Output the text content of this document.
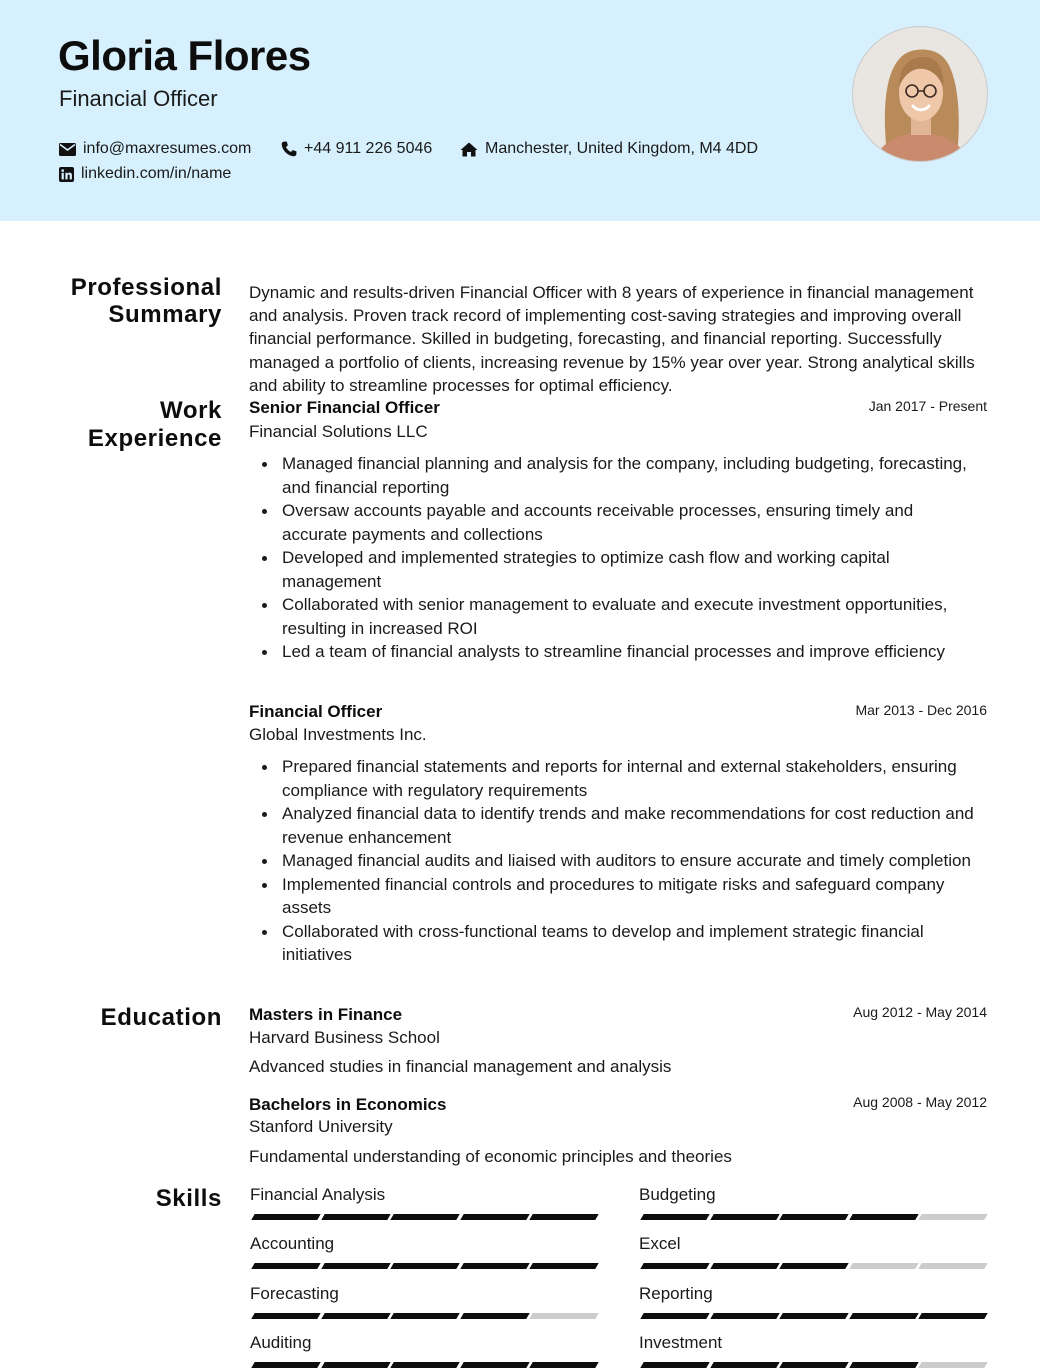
Gloria Flores
Financial Officer
info@maxresumes.com	+44 911 226 5046	Manchester, United Kingdom, M4 4DD
linkedin.com/in/name
Professional
Summary
Dynamic and results-driven Financial Officer with 8 years of experience in financial management and analysis. Proven track record of implementing cost-saving strategies and improving overall financial performance. Skilled in budgeting, forecasting, and financial reporting. Successfully managed a portfolio of clients, increasing revenue by 15% year over year. Strong analytical skills and ability to streamline processes for optimal efficiency.
Work
Experience
Senior Financial Officer	Jan 2017 - Present
Financial Solutions LLC
Managed financial planning and analysis for the company, including budgeting, forecasting, and financial reporting
Oversaw accounts payable and accounts receivable processes, ensuring timely and accurate payments and collections
Developed and implemented strategies to optimize cash flow and working capital management
Collaborated with senior management to evaluate and execute investment opportunities, resulting in increased ROI
Led a team of financial analysts to streamline financial processes and improve efficiency
Financial Officer	Mar 2013 - Dec 2016
Global Investments Inc.
Prepared financial statements and reports for internal and external stakeholders, ensuring compliance with regulatory requirements
Analyzed financial data to identify trends and make recommendations for cost reduction and revenue enhancement
Managed financial audits and liaised with auditors to ensure accurate and timely completion
Implemented financial controls and procedures to mitigate risks and safeguard company assets
Collaborated with cross-functional teams to develop and implement strategic financial initiatives
Education Masters in Finance	Aug 2012 - May 2014
Harvard Business School
Advanced studies in financial management and analysis
Bachelors in Economics	Aug 2008 - May 2012
Stanford University
Fundamental understanding of economic principles and theories
Skills Financial Analysis	Budgeting
Accounting	Excel
Forecasting	Reporting
Auditing	Investment
